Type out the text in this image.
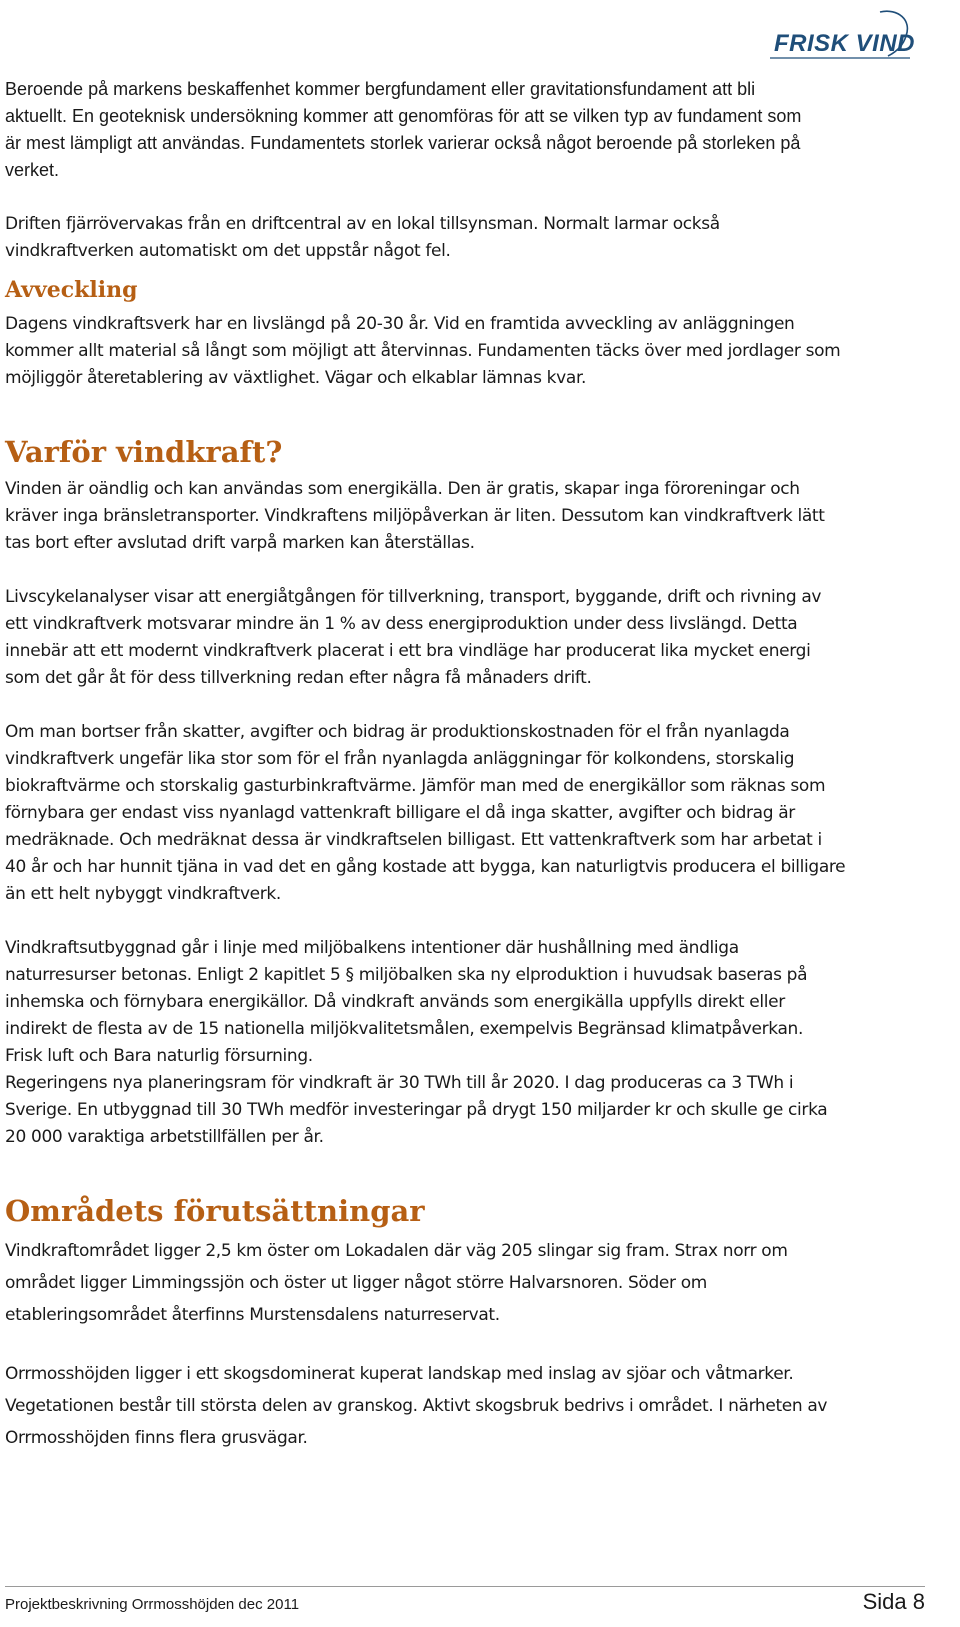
FRISK VIND

Beroende på markens beskaffenhet kommer bergfundament eller gravitationsfundament att bli
aktuellt. En geoteknisk undersökning kommer att genomföras för att se vilken typ av fundament som
är mest lämpligt att användas. Fundamentets storlek varierar också något beroende på storleken på
verket.

Driften fjärrövervakas från en driftcentral av en lokal tillsynsman. Normalt larmar också
vindkraftverken automatiskt om det uppstår något fel.

Avveckling

Dagens vindkraftsverk har en livslängd på 20-30 år. Vid en framtida avveckling av anläggningen
kommer allt material så långt som möjligt att återvinnas. Fundamenten täcks över med jordlager som
möjliggör återetablering av växtlighet. Vägar och elkablar lämnas kvar.

Varför vindkraft?

Vinden är oändlig och kan användas som energikälla. Den är gratis, skapar inga föroreningar och
kräver inga bränsletransporter. Vindkraftens miljöpåverkan är liten. Dessutom kan vindkraftverk lätt
tas bort efter avslutad drift varpå marken kan återställas.

Livscykelanalyser visar att energiåtgången för tillverkning, transport, byggande, drift och rivning av
ett vindkraftverk motsvarar mindre än 1 % av dess energiproduktion under dess livslängd. Detta
innebär att ett modernt vindkraftverk placerat i ett bra vindläge har producerat lika mycket energi
som det går åt för dess tillverkning redan efter några få månaders drift.

Om man bortser från skatter, avgifter och bidrag är produktionskostnaden för el från nyanlagda
vindkraftverk ungefär lika stor som för el från nyanlagda anläggningar för kolkondens, storskalig
biokraftvärme och storskalig gasturbinkraftvärme. Jämför man med de energikällor som räknas som
förnybara ger endast viss nyanlagd vattenkraft billigare el då inga skatter, avgifter och bidrag är
medräknade. Och medräknat dessa är vindkraftselen billigast. Ett vattenkraftverk som har arbetat i
40 år och har hunnit tjäna in vad det en gång kostade att bygga, kan naturligtvis producera el billigare
än ett helt nybyggt vindkraftverk.

Vindkraftsutbyggnad går i linje med miljöbalkens intentioner där hushållning med ändliga
naturresurser betonas. Enligt 2 kapitlet 5 § miljöbalken ska ny elproduktion i huvudsak baseras på
inhemska och förnybara energikällor. Då vindkraft används som energikälla uppfylls direkt eller
indirekt de flesta av de 15 nationella miljökvalitetsmålen, exempelvis Begränsad klimatpåverkan.
Frisk luft och Bara naturlig försurning.
Regeringens nya planeringsram för vindkraft är 30 TWh till år 2020. I dag produceras ca 3 TWh i
Sverige. En utbyggnad till 30 TWh medför investeringar på drygt 150 miljarder kr och skulle ge cirka
20 000 varaktiga arbetstillfällen per år.

Områdets förutsättningar

Vindkraftområdet ligger 2,5 km öster om Lokadalen där väg 205 slingar sig fram. Strax norr om
området ligger Limmingssjön och öster ut ligger något större Halvarsnoren. Söder om
etableringsområdet återfinns Murstensdalens naturreservat.

Orrmosshöjden ligger i ett skogsdominerat kuperat landskap med inslag av sjöar och våtmarker.
Vegetationen består till största delen av granskog. Aktivt skogsbruk bedrivs i området. I närheten av
Orrmosshöjden finns flera grusvägar.

Projektbeskrivning Orrmosshöjden dec 2011	Sida 8
